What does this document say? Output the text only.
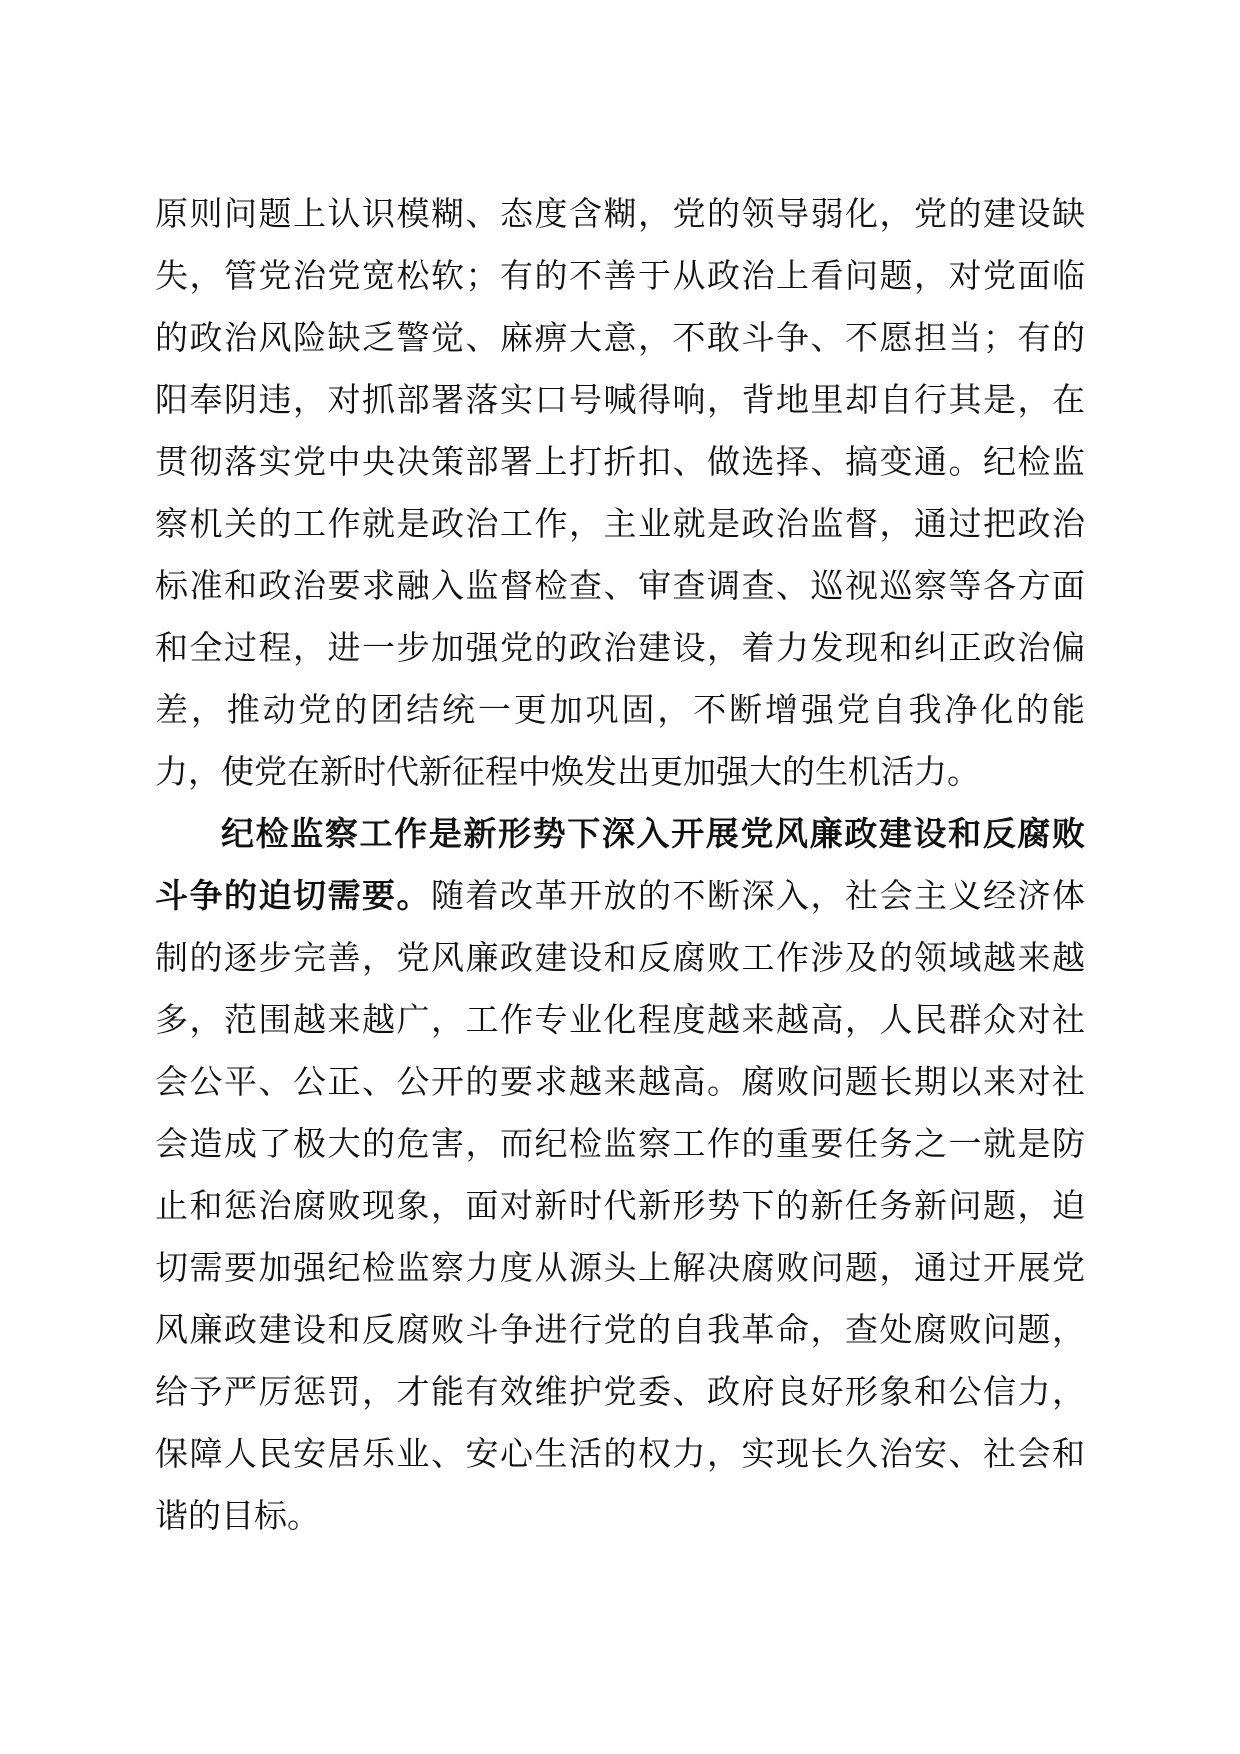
原则问题上认识模糊、态度含糊，党的领导弱化，党的建设缺
失，管党治党宽松软；有的不善于从政治上看问题，对党面临
的政治风险缺乏警觉、麻痹大意，不敢斗争、不愿担当；有的
阳奉阴违，对抓部署落实口号喊得响，背地里却自行其是，在
贯彻落实党中央决策部署上打折扣、做选择、搞变通。纪检监
察机关的工作就是政治工作，主业就是政治监督，通过把政治
标准和政治要求融入监督检查、审查调查、巡视巡察等各方面
和全过程，进一步加强党的政治建设，着力发现和纠正政治偏
差，推动党的团结统一更加巩固，不断增强党自我净化的能
力，使党在新时代新征程中焕发出更加强大的生机活力。
纪检监察工作是新形势下深入开展党风廉政建设和反腐败
斗争的迫切需要。随着改革开放的不断深入，社会主义经济体
制的逐步完善，党风廉政建设和反腐败工作涉及的领域越来越
多，范围越来越广，工作专业化程度越来越高，人民群众对社
会公平、公正、公开的要求越来越高。腐败问题长期以来对社
会造成了极大的危害，而纪检监察工作的重要任务之一就是防
止和惩治腐败现象，面对新时代新形势下的新任务新问题，迫
切需要加强纪检监察力度从源头上解决腐败问题，通过开展党
风廉政建设和反腐败斗争进行党的自我革命，查处腐败问题，
给予严厉惩罚，才能有效维护党委、政府良好形象和公信力，
保障人民安居乐业、安心生活的权力，实现长久治安、社会和
谐的目标。
